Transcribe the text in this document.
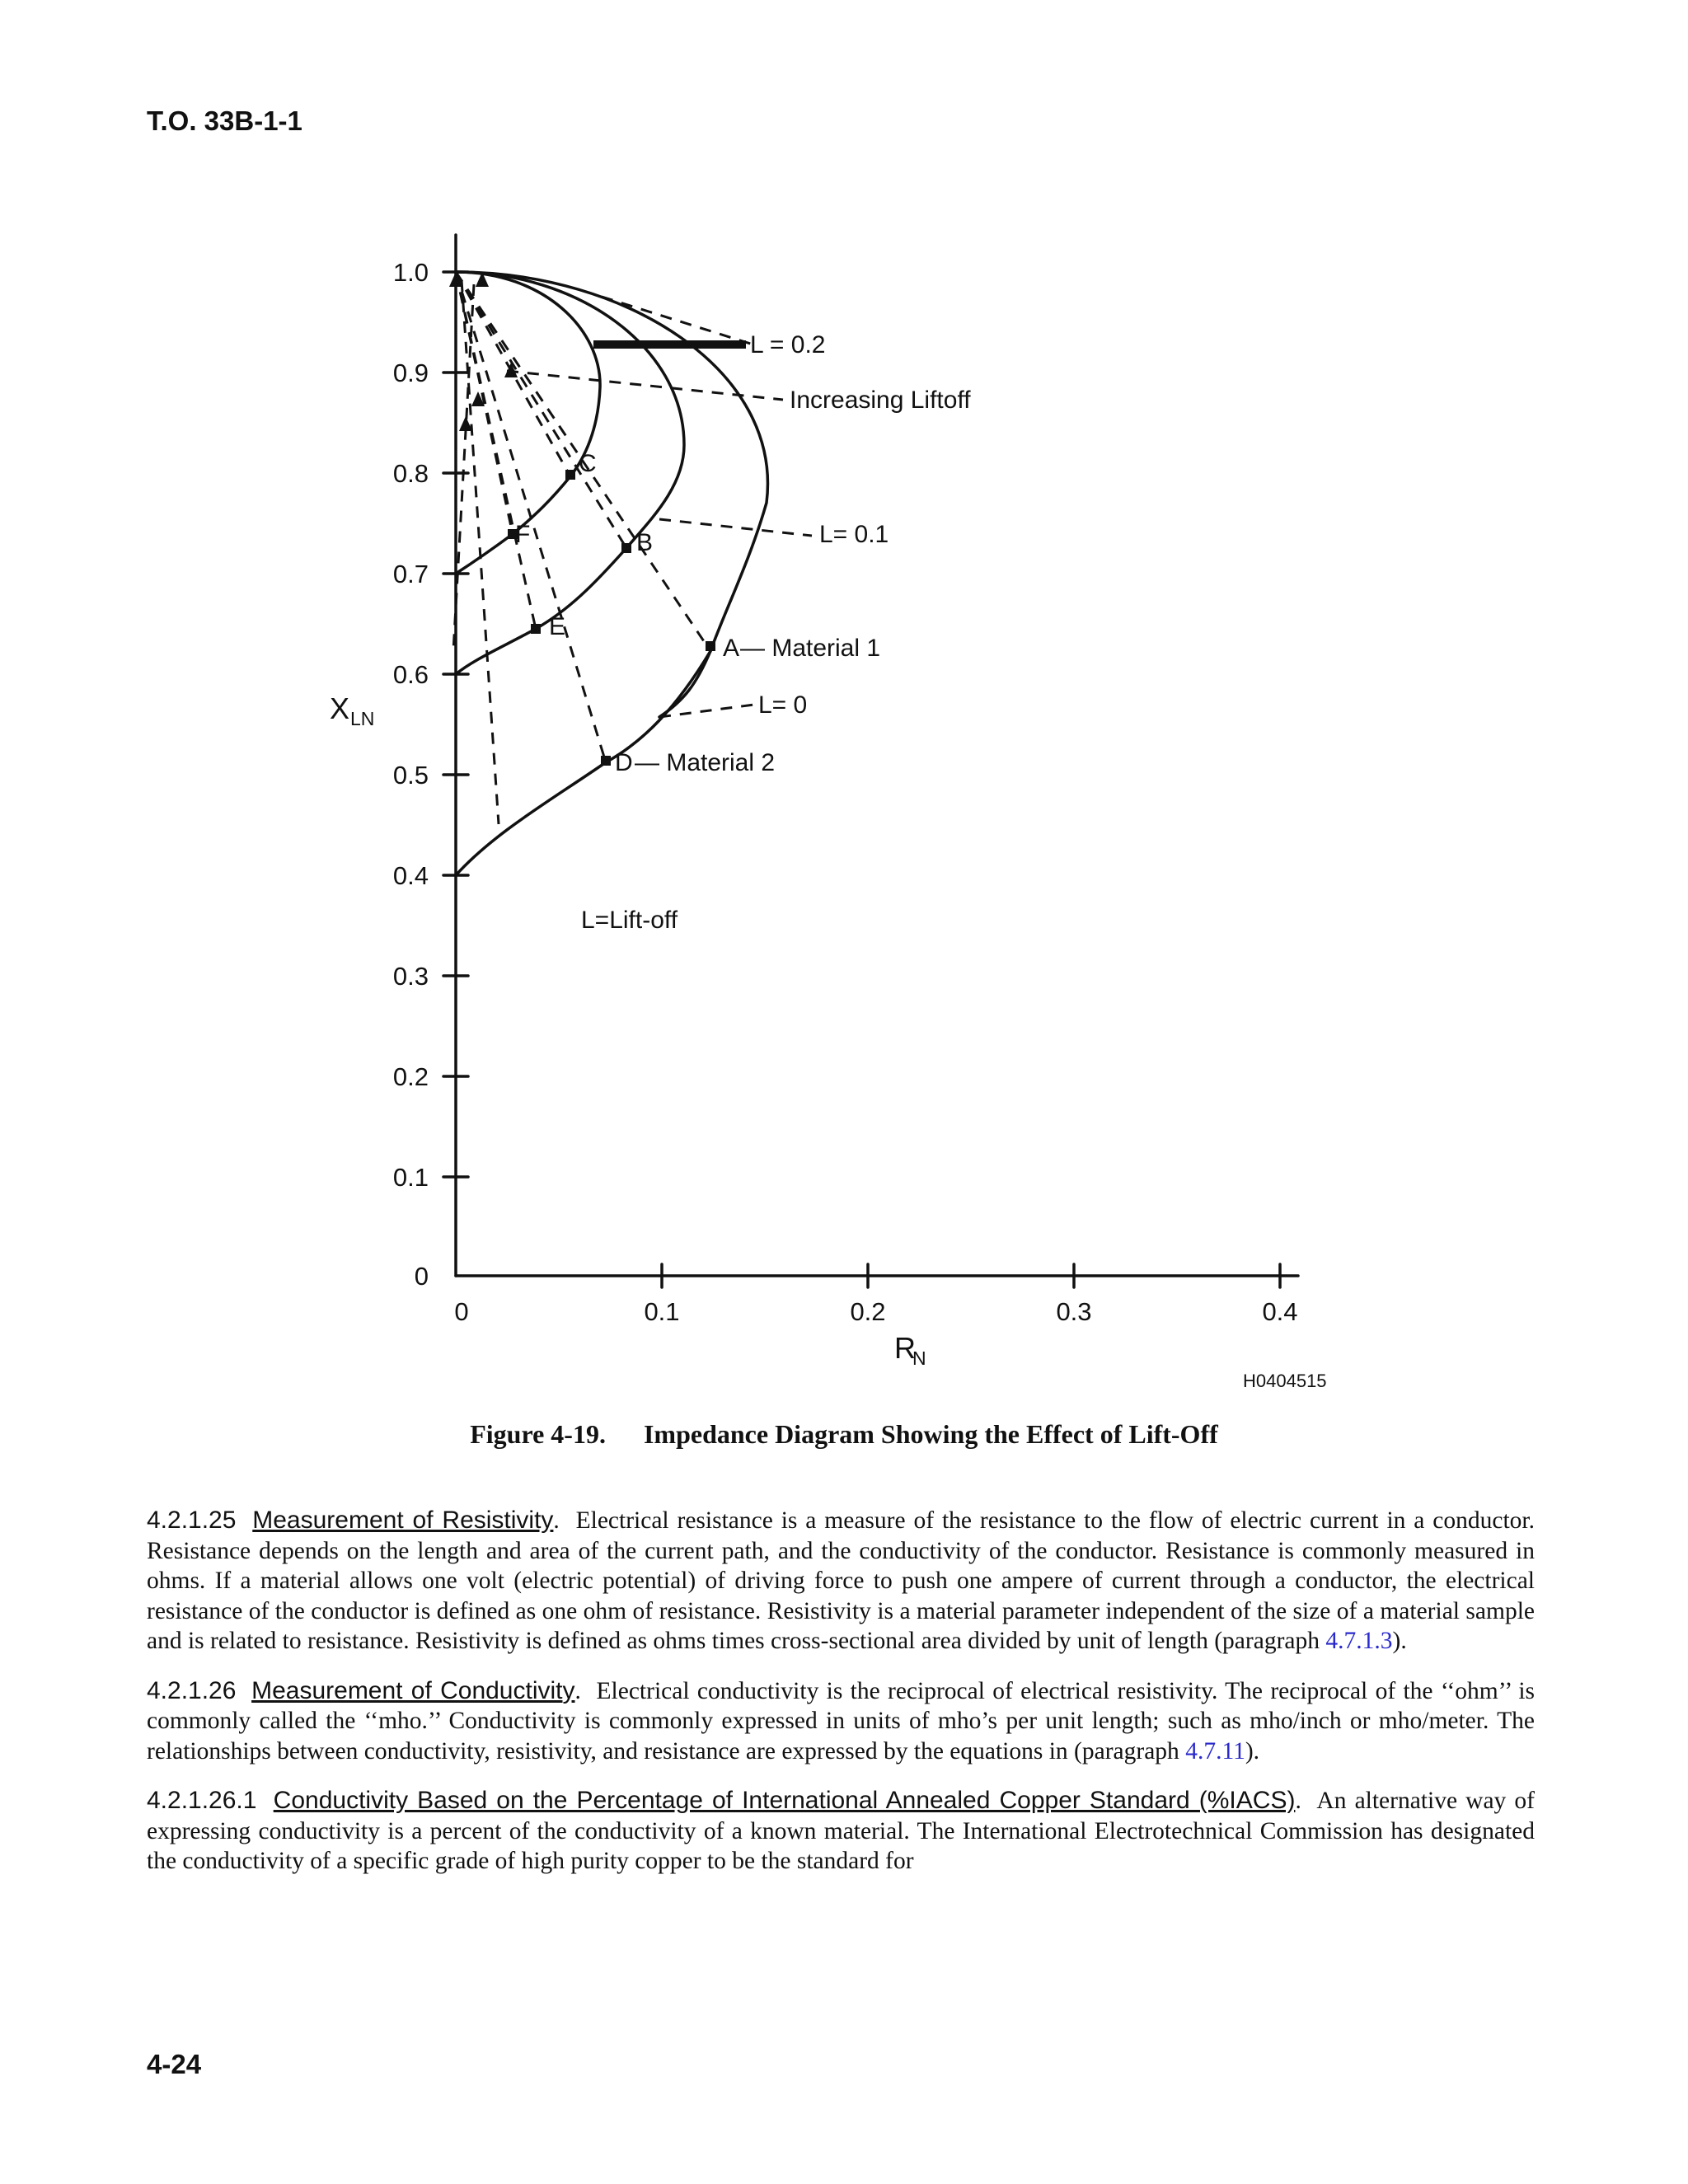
T.O. 33B-1-1
A
B
C
D
E
F
L = 0.2
Increasing Liftoff
L= 0.1
— Material 1
L= 0
— Material 2
L=Lift-off
1.0
0.9
0.8
0.7
0.6
0.5
0.4
0.3
0.2
0.1
0
0	0.1	0.2	0.3	0.4
X LN
R
N
H0404515
Figure 4-19. Impedance Diagram Showing the Effect of Lift-Off

4.2.1.25 Measurement of Resistivity.  Electrical resistance is a measure of the resistance to the flow of electric current in a conductor. Resistance depends on the length and area of the current path, and the conductivity of the conductor. Resistance is commonly measured in ohms. If a material allows one volt (electric potential) of driving force to push one ampere of current through a conductor, the electrical resistance of the conductor is defined as one ohm of resistance. Resistivity is a material parameter independent of the size of a material sample and is related to resistance. Resistivity is defined as ohms times cross-sectional area divided by unit of length (paragraph 4.7.1.3).

4.2.1.26 Measurement of Conductivity.  Electrical conductivity is the reciprocal of electrical resistivity. The reciprocal of the ‘‘ohm’’ is commonly called the ‘‘mho.’’ Conductivity is commonly expressed in units of mho’s per unit length; such as mho/inch or mho/meter. The relationships between conductivity, resistivity, and resistance are expressed by the equations in (paragraph 4.7.11).

4.2.1.26.1 Conductivity Based on the Percentage of International Annealed Copper Standard (%IACS).  An alternative way of expressing conductivity is a percent of the conductivity of a known material. The International Electrotechnical Commission has designated the conductivity of a specific grade of high purity copper to be the standard for

4-24
